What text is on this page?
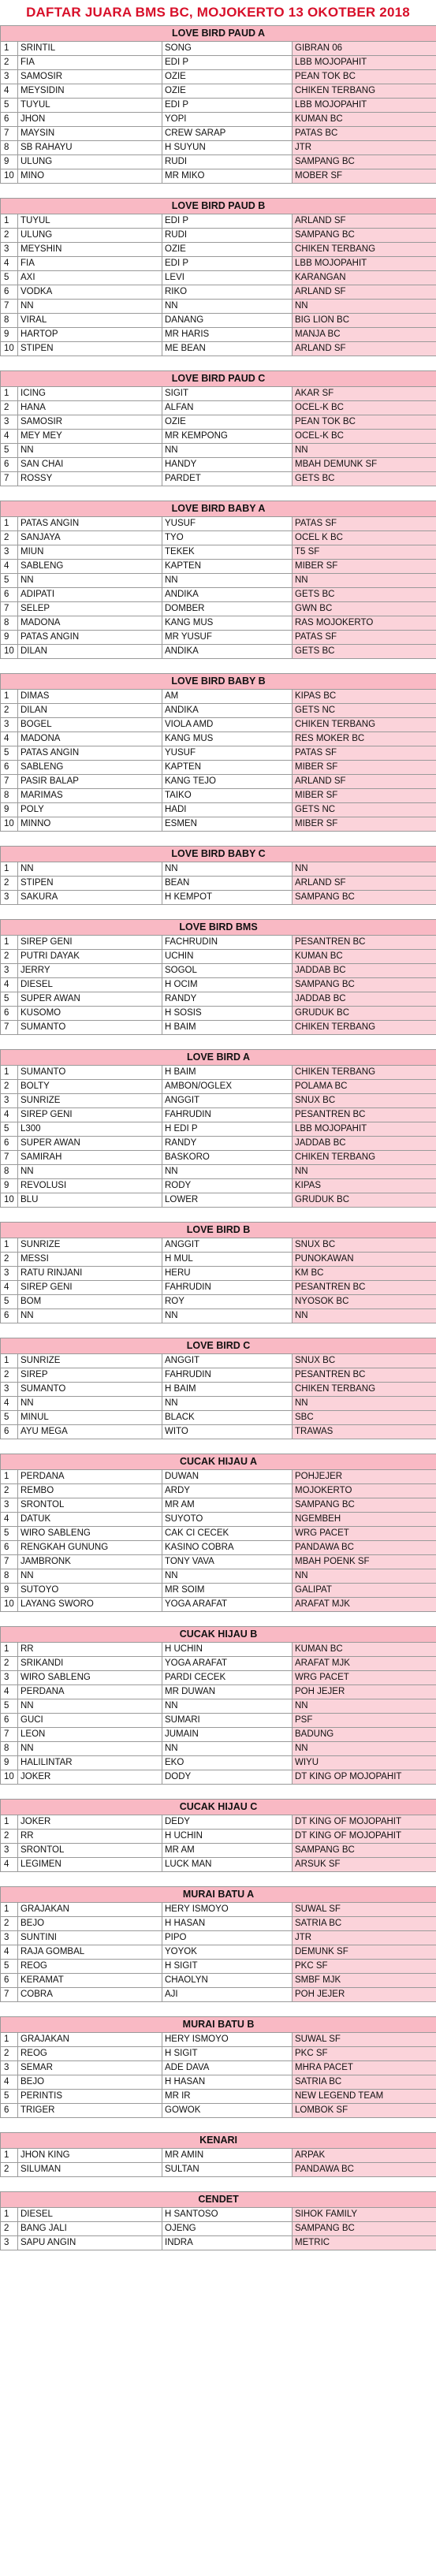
DAFTAR JUARA BMS BC, MOJOKERTO 13 OKOTBER 2018
LOVE BIRD PAUD A			
1	SRINTIL	SONG	GIBRAN 06
2	FIA	EDI P	LBB MOJOPAHIT
3	SAMOSIR	OZIE	PEAN TOK BC
4	MEYSIDIN	OZIE	CHIKEN TERBANG
5	TUYUL	EDI P	LBB MOJOPAHIT
6	JHON	YOPI	KUMAN BC
7	MAYSIN	CREW SARAP	PATAS BC
8	SB RAHAYU	H SUYUN	JTR
9	ULUNG	RUDI	SAMPANG BC
10	MINO	MR MIKO	MOBER SF
LOVE BIRD PAUD B			
1	TUYUL	EDI P	ARLAND SF
2	ULUNG	RUDI	SAMPANG BC
3	MEYSHIN	OZIE	CHIKEN TERBANG
4	FIA	EDI P	LBB MOJOPAHIT
5	AXI	LEVI	KARANGAN
6	VODKA	RIKO	ARLAND SF
7	NN	NN	NN
8	VIRAL	DANANG	BIG LION BC
9	HARTOP	MR HARIS	MANJA BC
10	STIPEN	ME BEAN	ARLAND SF
LOVE BIRD PAUD C			
1	ICING	SIGIT	AKAR SF
2	HANA	ALFAN	OCEL-K BC
3	SAMOSIR	OZIE	PEAN TOK BC
4	MEY MEY	MR KEMPONG	OCEL-K BC
5	NN	NN	NN
6	SAN CHAI	HANDY	MBAH DEMUNK SF
7	ROSSY	PARDET	GETS BC
LOVE BIRD BABY A			
1	PATAS ANGIN	YUSUF	PATAS SF
2	SANJAYA	TYO	OCEL K BC
3	MIUN	TEKEK	T5 SF
4	SABLENG	KAPTEN	MIBER SF
5	NN	NN	NN
6	ADIPATI	ANDIKA	GETS BC
7	SELEP	DOMBER	GWN BC
8	MADONA	KANG MUS	RAS MOJOKERTO
9	PATAS ANGIN	MR YUSUF	PATAS SF
10	DILAN	ANDIKA	GETS BC
LOVE BIRD BABY B			
1	DIMAS	AM	KIPAS BC
2	DILAN	ANDIKA	GETS NC
3	BOGEL	VIOLA AMD	CHIKEN TERBANG
4	MADONA	KANG MUS	RES MOKER BC
5	PATAS ANGIN	YUSUF	PATAS SF
6	SABLENG	KAPTEN	MIBER SF
7	PASIR BALAP	KANG TEJO	ARLAND SF
8	MARIMAS	TAIKO	MIBER SF
9	POLY	HADI	GETS NC
10	MINNO	ESMEN	MIBER SF
LOVE BIRD BABY C			
1	NN	NN	NN
2	STIPEN	BEAN	ARLAND SF
3	SAKURA	H KEMPOT	SAMPANG BC
LOVE BIRD BMS			
1	SIREP GENI	FACHRUDIN	PESANTREN BC
2	PUTRI DAYAK	UCHIN	KUMAN BC
3	JERRY	SOGOL	JADDAB BC
4	DIESEL	H OCIM	SAMPANG BC
5	SUPER AWAN	RANDY	JADDAB BC
6	KUSOMO	H SOSIS	GRUDUK BC
7	SUMANTO	H BAIM	CHIKEN TERBANG
LOVE BIRD A			
1	SUMANTO	H BAIM	CHIKEN TERBANG
2	BOLTY	AMBON/OGLEX	POLAMA BC
3	SUNRIZE	ANGGIT	SNUX BC
4	SIREP GENI	FAHRUDIN	PESANTREN BC
5	L300	H EDI P	LBB MOJOPAHIT
6	SUPER AWAN	RANDY	JADDAB BC
7	SAMIRAH	BASKORO	CHIKEN TERBANG
8	NN	NN	NN
9	REVOLUSI	RODY	KIPAS
10	BLU	LOWER	GRUDUK BC
LOVE BIRD B			
1	SUNRIZE	ANGGIT	SNUX BC
2	MESSI	H MUL	PUNOKAWAN
3	RATU RINJANI	HERU	KM BC
4	SIREP GENI	FAHRUDIN	PESANTREN BC
5	BOM	ROY	NYOSOK BC
6	NN	NN	NN
LOVE BIRD C			
1	SUNRIZE	ANGGIT	SNUX BC
2	SIREP	FAHRUDIN	PESANTREN BC
3	SUMANTO	H BAIM	CHIKEN TERBANG
4	NN	NN	NN
5	MINUL	BLACK	SBC
6	AYU MEGA	WITO	TRAWAS
CUCAK HIJAU A			
1	PERDANA	DUWAN	POHJEJER
2	REMBO	ARDY	MOJOKERTO
3	SRONTOL	MR AM	SAMPANG BC
4	DATUK	SUYOTO	NGEMBEH
5	WIRO SABLENG	CAK CI CECEK	WRG PACET
6	RENGKAH GUNUNG	KASINO COBRA	PANDAWA BC
7	JAMBRONK	TONY VAVA	MBAH POENK SF
8	NN	NN	NN
9	SUTOYO	MR SOIM	GALIPAT
10	LAYANG SWORO	YOGA ARAFAT	ARAFAT MJK
CUCAK HIJAU B			
1	RR	H UCHIN	KUMAN BC
2	SRIKANDI	YOGA ARAFAT	ARAFAT MJK
3	WIRO SABLENG	PARDI CECEK	WRG PACET
4	PERDANA	MR DUWAN	POH JEJER
5	NN	NN	NN
6	GUCI	SUMARI	PSF
7	LEON	JUMAIN	BADUNG
8	NN	NN	NN
9	HALILINTAR	EKO	WIYU
10	JOKER	DODY	DT KING OP MOJOPAHIT
CUCAK HIJAU C			
1	JOKER	DEDY	DT KING OF MOJOPAHIT
2	RR	H UCHIN	DT KING OF MOJOPAHIT
3	SRONTOL	MR AM	SAMPANG BC
4	LEGIMEN	LUCK MAN	ARSUK SF
MURAI BATU A			
1	GRAJAKAN	HERY ISMOYO	SUWAL SF
2	BEJO	H HASAN	SATRIA BC
3	SUNTINI	PIPO	JTR
4	RAJA GOMBAL	YOYOK	DEMUNK SF
5	REOG	H SIGIT	PKC SF
6	KERAMAT	CHAOLYN	SMBF MJK
7	COBRA	AJI	POH JEJER
MURAI BATU B			
1	GRAJAKAN	HERY ISMOYO	SUWAL SF
2	REOG	H SIGIT	PKC SF
3	SEMAR	ADE DAVA	MHRA PACET
4	BEJO	H HASAN	SATRIA BC
5	PERINTIS	MR IR	NEW LEGEND TEAM
6	TRIGER	GOWOK	LOMBOK SF
KENARI			
1	JHON KING	MR AMIN	ARPAK
2	SILUMAN	SULTAN	PANDAWA BC
CENDET			
1	DIESEL	H SANTOSO	SIHOK FAMILY
2	BANG JALI	OJENG	SAMPANG BC
3	SAPU ANGIN	INDRA	METRIC
